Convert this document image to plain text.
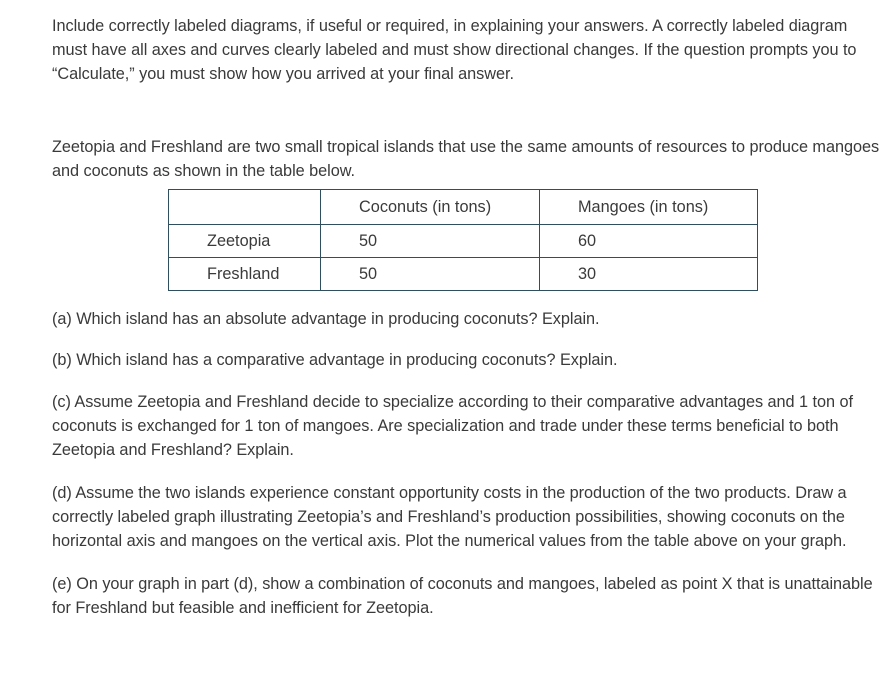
Include correctly labeled diagrams, if useful or required, in explaining your answers. A correctly labeled diagram must have all axes and curves clearly labeled and must show directional changes. If the question prompts you to “Calculate,” you must show how you arrived at your final answer.

Zeetopia and Freshland are two small tropical islands that use the same amounts of resources to produce mangoes and coconuts as shown in the table below.

	Coconuts (in tons)	Mangoes (in tons)
Zeetopia	50	60
Freshland	50	30

(a) Which island has an absolute advantage in producing coconuts? Explain.

(b) Which island has a comparative advantage in producing coconuts? Explain.

(c) Assume Zeetopia and Freshland decide to specialize according to their comparative advantages and 1 ton of coconuts is exchanged for 1 ton of mangoes. Are specialization and trade under these terms beneficial to both Zeetopia and Freshland? Explain.

(d) Assume the two islands experience constant opportunity costs in the production of the two products. Draw a correctly labeled graph illustrating Zeetopia’s and Freshland’s production possibilities, showing coconuts on the horizontal axis and mangoes on the vertical axis. Plot the numerical values from the table above on your graph.

(e) On your graph in part (d), show a combination of coconuts and mangoes, labeled as point X that is unattainable for Freshland but feasible and inefficient for Zeetopia.
